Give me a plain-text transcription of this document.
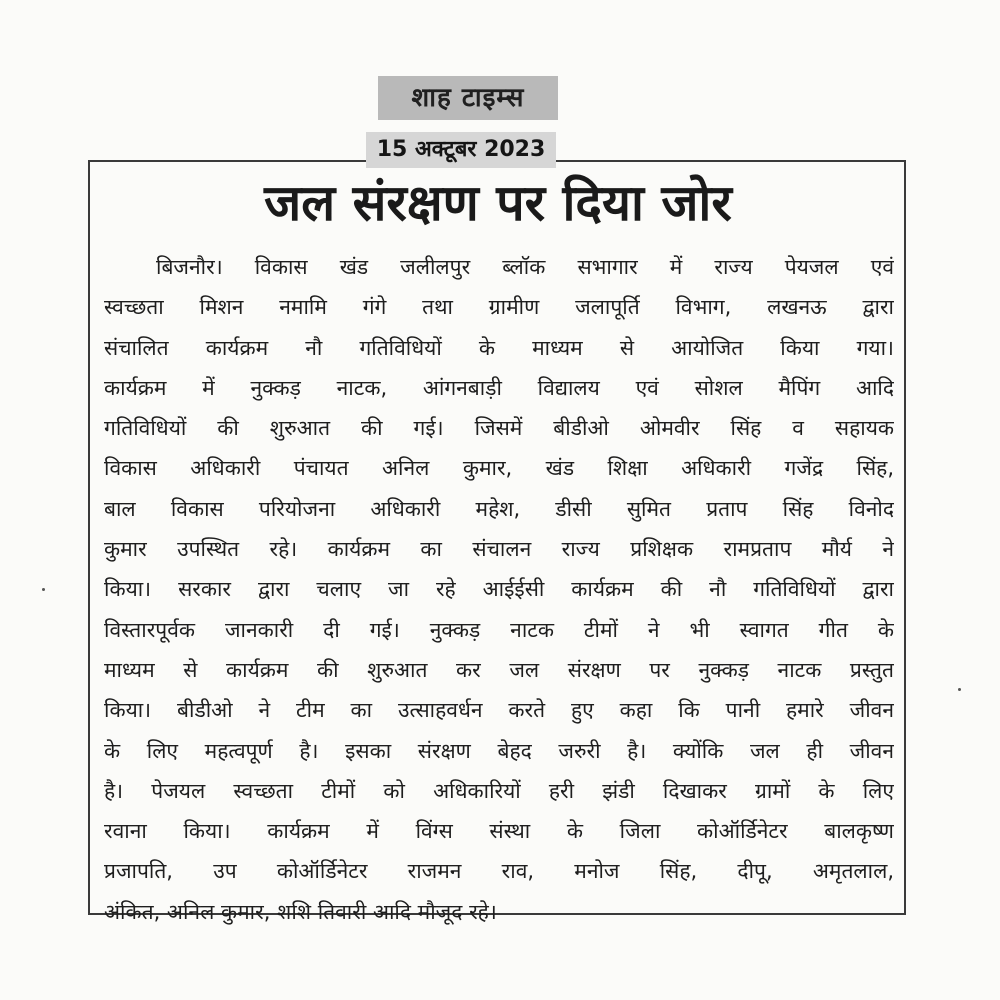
शाह टाइम्स
15 अक्टूबर 2023
जल संरक्षण पर दिया जोर
बिजनौर। विकास खंड जलीलपुर ब्लॉक सभागार में राज्य पेयजल एवं
स्वच्छता मिशन नमामि गंगे तथा ग्रामीण जलापूर्ति विभाग, लखनऊ द्वारा
संचालित कार्यक्रम नौ गतिविधियों के माध्यम से आयोजित किया गया।
कार्यक्रम में नुक्कड़ नाटक, आंगनबाड़ी विद्यालय एवं सोशल मैपिंग आदि
गतिविधियों की शुरुआत की गई। जिसमें बीडीओ ओमवीर सिंह व सहायक
विकास अधिकारी पंचायत अनिल कुमार, खंड शिक्षा अधिकारी गजेंद्र सिंह,
बाल विकास परियोजना अधिकारी महेश, डीसी सुमित प्रताप सिंह विनोद
कुमार उपस्थित रहे। कार्यक्रम का संचालन राज्य प्रशिक्षक रामप्रताप मौर्य ने
किया। सरकार द्वारा चलाए जा रहे आईईसी कार्यक्रम की नौ गतिविधियों द्वारा
विस्तारपूर्वक जानकारी दी गई। नुक्कड़ नाटक टीमों ने भी स्वागत गीत के
माध्यम से कार्यक्रम की शुरुआत कर जल संरक्षण पर नुक्कड़ नाटक प्रस्तुत
किया। बीडीओ ने टीम का उत्साहवर्धन करते हुए कहा कि पानी हमारे जीवन
के लिए महत्वपूर्ण है। इसका संरक्षण बेहद जरुरी है। क्योंकि जल ही जीवन
है। पेजयल स्वच्छता टीमों को अधिकारियों हरी झंडी दिखाकर ग्रामों के लिए
रवाना किया। कार्यक्रम में विंग्स संस्था के जिला कोऑर्डिनेटर बालकृष्ण
प्रजापति, उप कोऑर्डिनेटर राजमन राव, मनोज सिंह, दीपू, अमृतलाल,
अंकित, अनिल कुमार, शशि तिवारी आदि मौजूद रहे।
